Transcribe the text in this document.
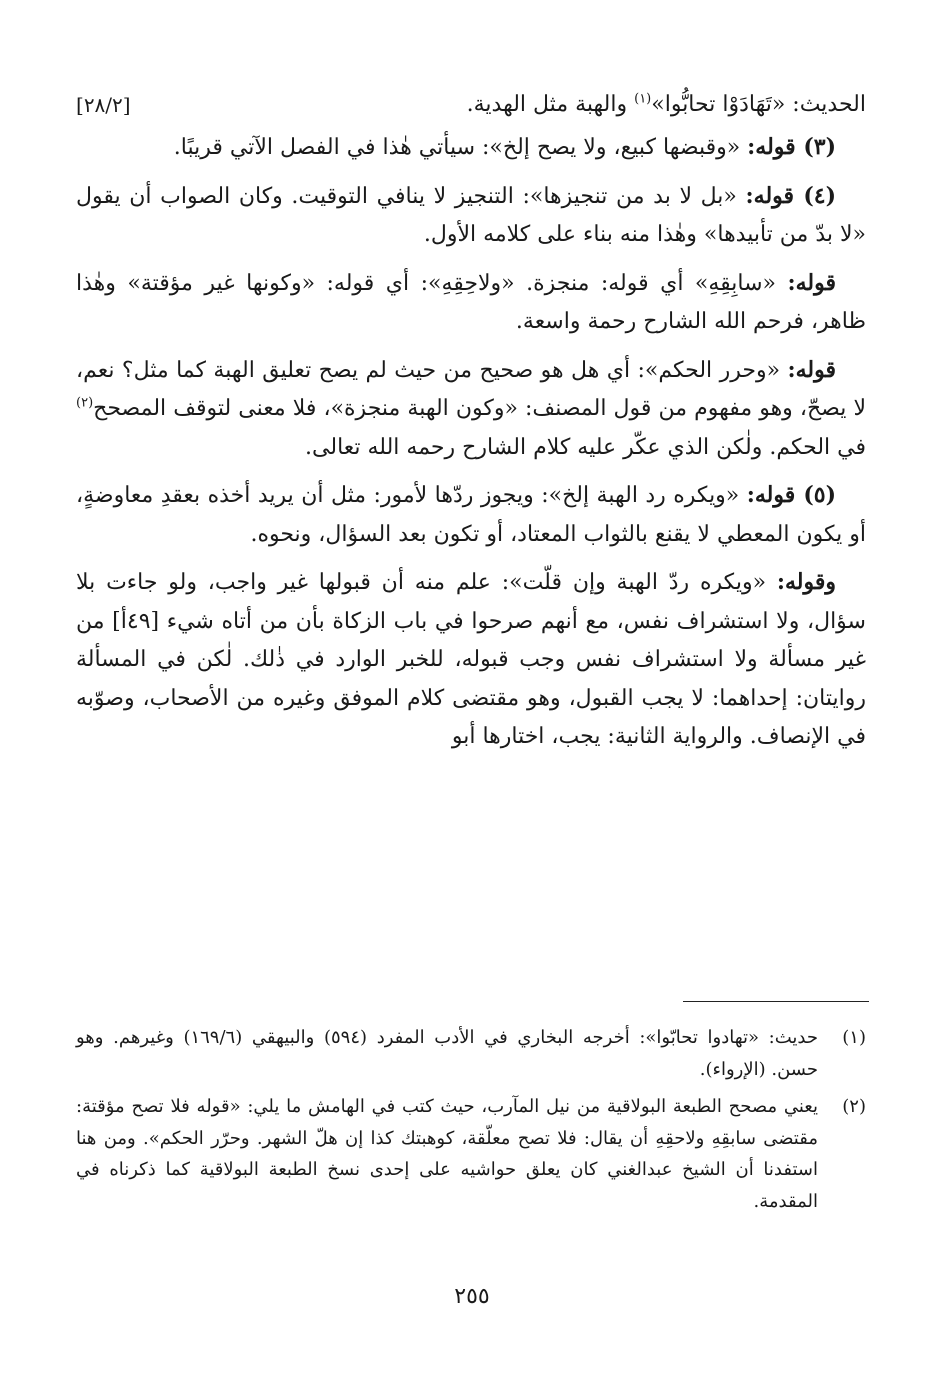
الحديث: «تَهَادَوْا تحابُّوا»$^{(١)}$ والهبة مثل الهدية.
[٢٨/٢]

(٣) قوله: «وقبضها كبيع، ولا يصح إلخ»: سيأتي هٰذا في الفصل الآتي قريبًا.

(٤) قوله: «بل لا بد من تنجيزها»: التنجيز لا ينافي التوقيت. وكان الصواب أن يقول «لا بدّ من تأبيدها» وهٰذا منه بناء على كلامه الأول.

قوله: «سابِقِهِ» أي قوله: منجزة. «ولاحِقِهِ»: أي قوله: «وكونها غير مؤقتة» وهٰذا ظاهر، فرحم الله الشارح رحمة واسعة.

قوله: «وحرر الحكم»: أي هل هو صحيح من حيث لم يصح تعليق الهبة كما مثل؟ نعم، لا يصحّ، وهو مفهوم من قول المصنف: «وكون الهبة منجزة»، فلا معنى لتوقف المصحح$^{(٢)}$ في الحكم. ولٰكن الذي عكّر عليه كلام الشارح رحمه الله تعالى.

(٥) قوله: «ويكره رد الهبة إلخ»: ويجوز ردّها لأمور: مثل أن يريد أخذه بعقدِ معاوضةٍ، أو يكون المعطي لا يقنع بالثواب المعتاد، أو تكون بعد السؤال، ونحوه.

وقوله: «ويكره ردّ الهبة وإن قلّت»: علم منه أن قبولها غير واجب، ولو جاءت بلا سؤال، ولا استشراف نفس، مع أنهم صرحوا في باب الزكاة بأن من أتاه شيء [٤٩أ] من غير مسألة ولا استشراف نفس وجب قبوله، للخبر الوارد في ذٰلك. لٰكن في المسألة روايتان: إحداهما: لا يجب القبول، وهو مقتضى كلام الموفق وغيره من الأصحاب، وصوّبه في الإنصاف. والرواية الثانية: يجب، اختارها أبو

(١)
حديث: «تهادوا تحابّوا»: أخرجه البخاري في الأدب المفرد (٥٩٤) والبيهقي (١٦٩/٦) وغيرهم. وهو حسن. (الإرواء).
(٢)
يعني مصحح الطبعة البولاقية من نيل المآرب، حيث كتب في الهامش ما يلي: «قوله فلا تصح مؤقتة: مقتضى سابقِهِ ولاحقِهِ أن يقال: فلا تصح معلّقة، كوهبتك كذا إن هلّ الشهر. وحرّر الحكم». ومن هنا استفدنا أن الشيخ عبدالغني كان يعلق حواشيه على إحدى نسخ الطبعة البولاقية كما ذكرناه في المقدمة.
٢٥٥
